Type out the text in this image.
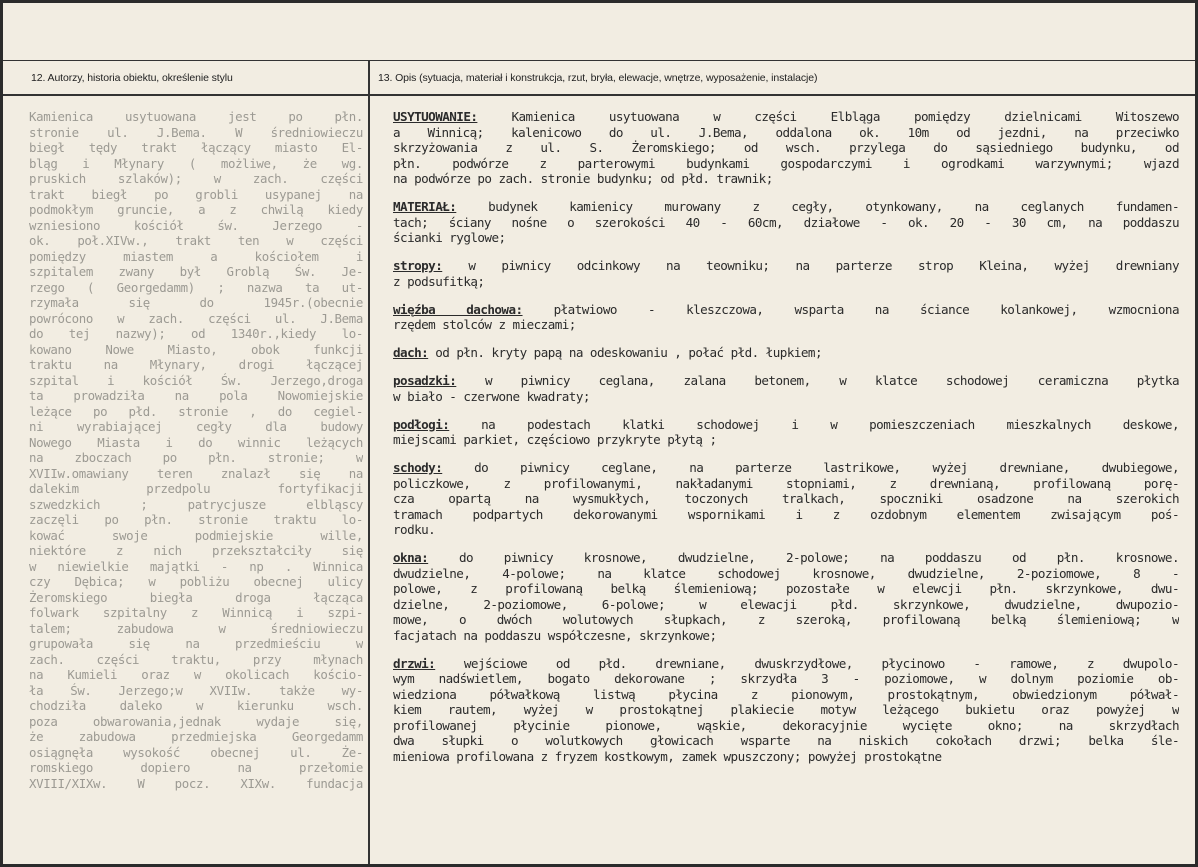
12. Autorzy, historia obiektu, określenie stylu	13. Opis (sytuacja, materiał i konstrukcja, rzut, bryła, elewacje, wnętrze, wyposażenie, instalacje)
Kamienica usytuowana jest po płn.
stronie ul. J.Bema. W średniowieczu
biegł tędy trakt łączący miasto El-
bląg i Młynary ( możliwe, że wg.
pruskich szlaków); w zach. części
trakt biegł po grobli usypanej na
podmokłym gruncie, a z chwilą kiedy
wzniesiono kościół św. Jerzego -
ok. poł.XIVw., trakt ten w części
pomiędzy miastem a kościołem i
szpitalem zwany był Groblą Św. Je-
rzego ( Georgedamm) ; nazwa ta ut-
rzymała się do 1945r.(obecnie
powrócono w zach. części ul. J.Bema
do tej nazwy); od 1340r.,kiedy lo-
kowano Nowe Miasto, obok funkcji
traktu na Młynary, drogi łączącej
szpital i kościół Św. Jerzego,droga
ta prowadziła na pola Nowomiejskie
leżące po płd. stronie , do cegiel-
ni wyrabiającej cegły dla budowy
Nowego Miasta i do winnic leżących
na zboczach po płn. stronie; w
XVIIw.omawiany teren znalazł się na
dalekim przedpolu fortyfikacji
szwedzkich ; patrycjusze elbląscy
zaczęli po płn. stronie traktu lo-
kować swoje podmiejskie wille,
niektóre z nich przekształciły się
w niewielkie majątki - np . Winnica
czy Dębica; w pobliżu obecnej ulicy
Żeromskiego biegła droga łącząca
folwark szpitalny z Winnicą i szpi-
talem; zabudowa w średniowieczu
grupowała się na przedmieściu w
zach. części traktu, przy młynach
na Kumieli oraz w okolicach kościo-
ła Św. Jerzego;w XVIIw. także wy-
chodziła daleko w kierunku wsch.
poza obwarowania,jednak wydaje się,
że zabudowa przedmiejska Georgedamm
osiągnęła wysokość obecnej ul. Że-
romskiego dopiero na przełomie
XVIII/XIXw. W pocz. XIXw. fundacja
USYTUOWANIE:	Kamienica usytuowana w części Elbląga pomiędzy dzielnicami Witoszewo
a Winnicą; kalenicowo do ul. J.Bema, oddalona ok. 10m od jezdni, na przeciwko
skrzyżowania z ul. S. Żeromskiego; od wsch. przylega do sąsiedniego budynku, od
płn. podwórze z parterowymi budynkami gospodarczymi i ogrodkami warzywnymi; wjazd
na podwórze po zach. stronie budynku; od płd. trawnik;
MATERIAŁ:	budynek kamienicy murowany z cegły, otynkowany, na ceglanych fundamen-
tach; ściany nośne o szerokości 40 - 60cm, działowe - ok. 20 - 30 cm, na poddaszu
ścianki ryglowe;
stropy: w piwnicy odcinkowy na teowniku; na parterze strop Kleina, wyżej drewniany
z podsufitką;
więźba dachowa: płatwiowo - kleszczowa, wsparta na ściance kolankowej, wzmocniona
rzędem stolców z mieczami;
dach: od płn. kryty papą na odeskowaniu , połać płd. łupkiem;
posadzki: w piwnicy ceglana, zalana betonem, w klatce schodowej ceramiczna płytka
w biało - czerwone kwadraty;
podłogi:	na podestach klatki schodowej i w pomieszczeniach mieszkalnych deskowe,
miejscami parkiet, częściowo przykryte płytą ;
schody:	do piwnicy ceglane, na parterze lastrikowe, wyżej drewniane, dwubiegowe,
policzkowe, z profilowanymi, nakładanymi stopniami, z drewnianą, profilowaną porę-
cza opartą na wysmukłych, toczonych tralkach, spoczniki osadzone na szerokich
tramach podpartych dekorowanymi wspornikami i z ozdobnym elementem zwisającym poś-
rodku.
okna: do piwnicy krosnowe, dwudzielne, 2-polowe; na poddaszu od płn. krosnowe.
dwudzielne, 4-polowe; na klatce schodowej krosnowe, dwudzielne, 2-poziomowe, 8 -
polowe, z profilowaną belką ślemieniową; pozostałe w elewcji płn. skrzynkowe, dwu-
dzielne, 2-poziomowe, 6-polowe; w elewacji płd. skrzynkowe, dwudzielne, dwupozio-
mowe, o dwóch wolutowych słupkach, z szeroką, profilowaną belką ślemieniową; w
facjatach na poddaszu współczesne, skrzynkowe;
drzwi: wejściowe od płd. drewniane, dwuskrzydłowe, płycinowo - ramowe, z dwupolo-
wym nadświetlem, bogato dekorowane ; skrzydła 3 - poziomowe, w dolnym poziomie ob-
wiedziona półwałkową listwą płycina z pionowym, prostokątnym, obwiedzionym półwał-
kiem rautem, wyżej w prostokątnej plakiecie motyw leżącego bukietu oraz powyżej w
profilowanej płycinie pionowe, wąskie, dekoracyjnie wycięte okno; na skrzydłach
dwa słupki o wolutkowych głowicach wsparte na niskich cokołach drzwi; belka śle-
mieniowa profilowana z fryzem kostkowym, zamek wpuszczony; powyżej prostokątne
